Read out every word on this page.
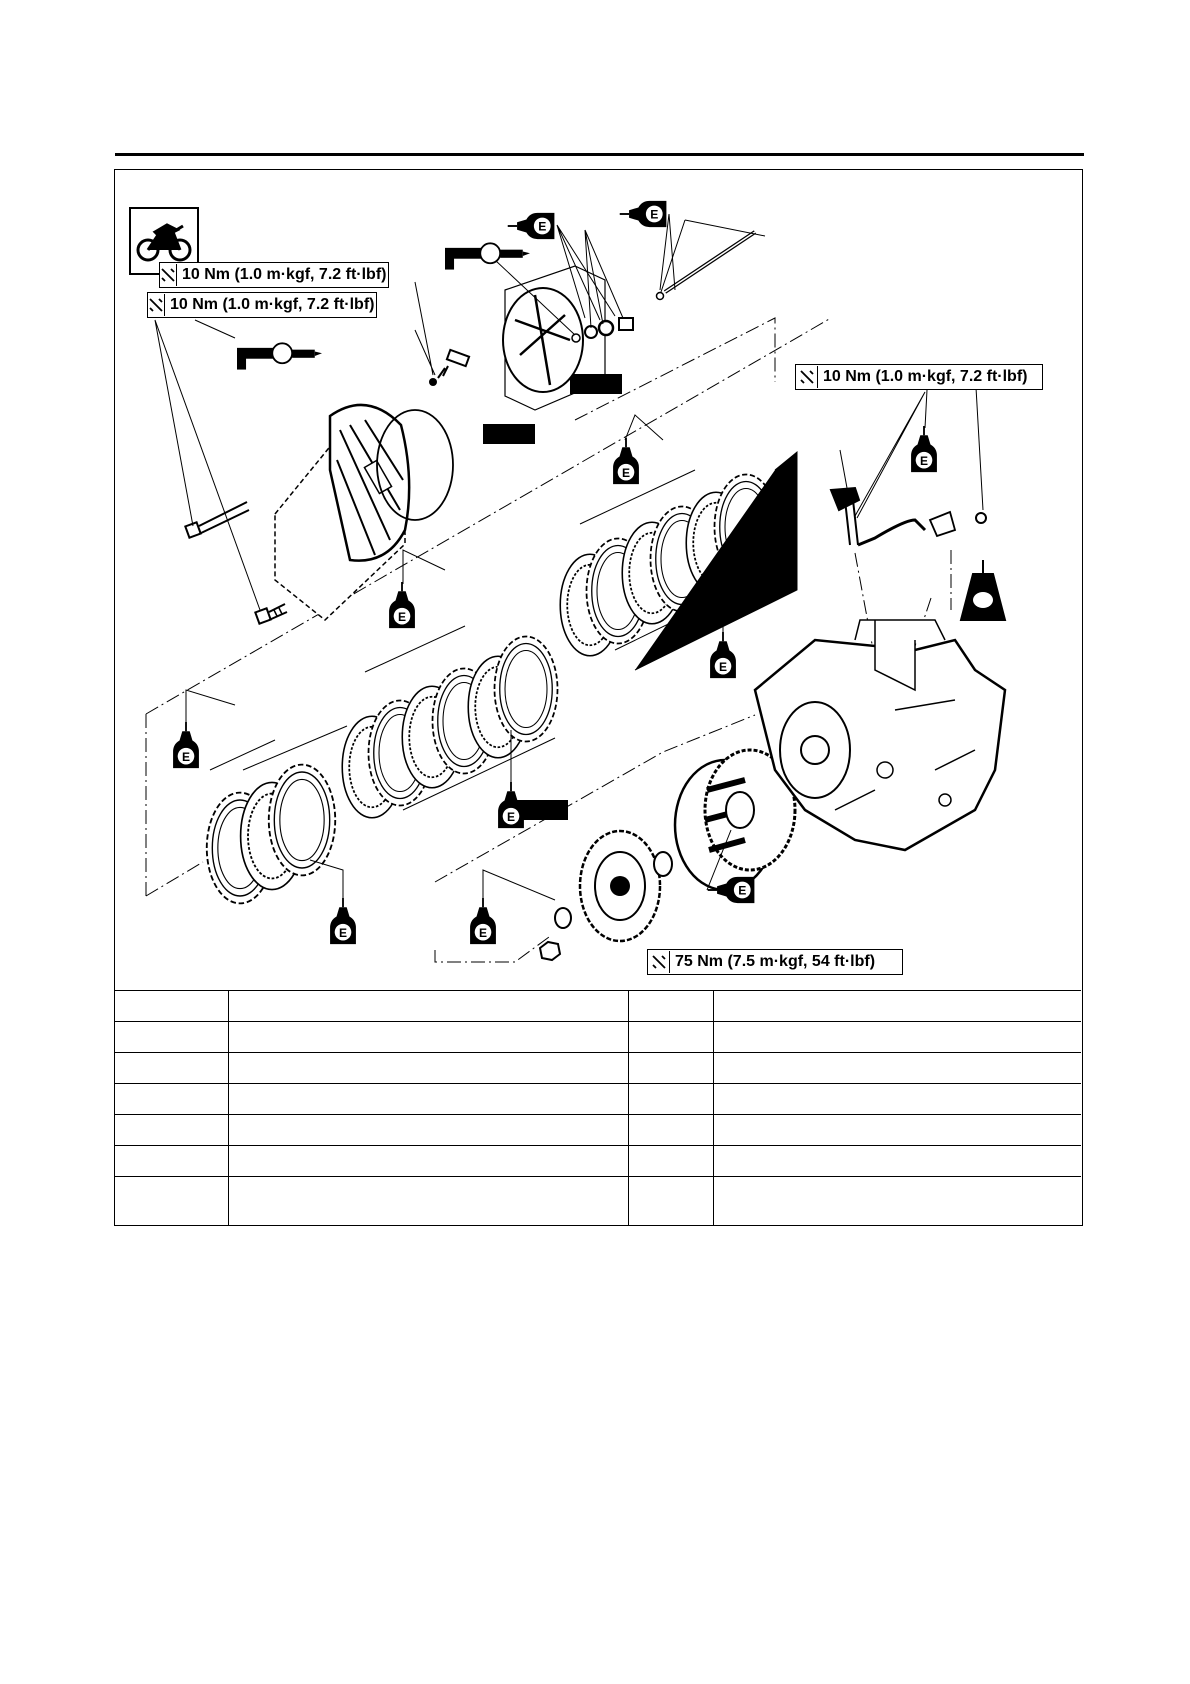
10 Nm (1.0 m·kgf, 7.2 ft·lbf)
10 Nm (1.0 m·kgf, 7.2 ft·lbf)
10 Nm (1.0 m·kgf, 7.2 ft·lbf)
75 Nm (7.5 m·kgf, 54 ft·lbf)
